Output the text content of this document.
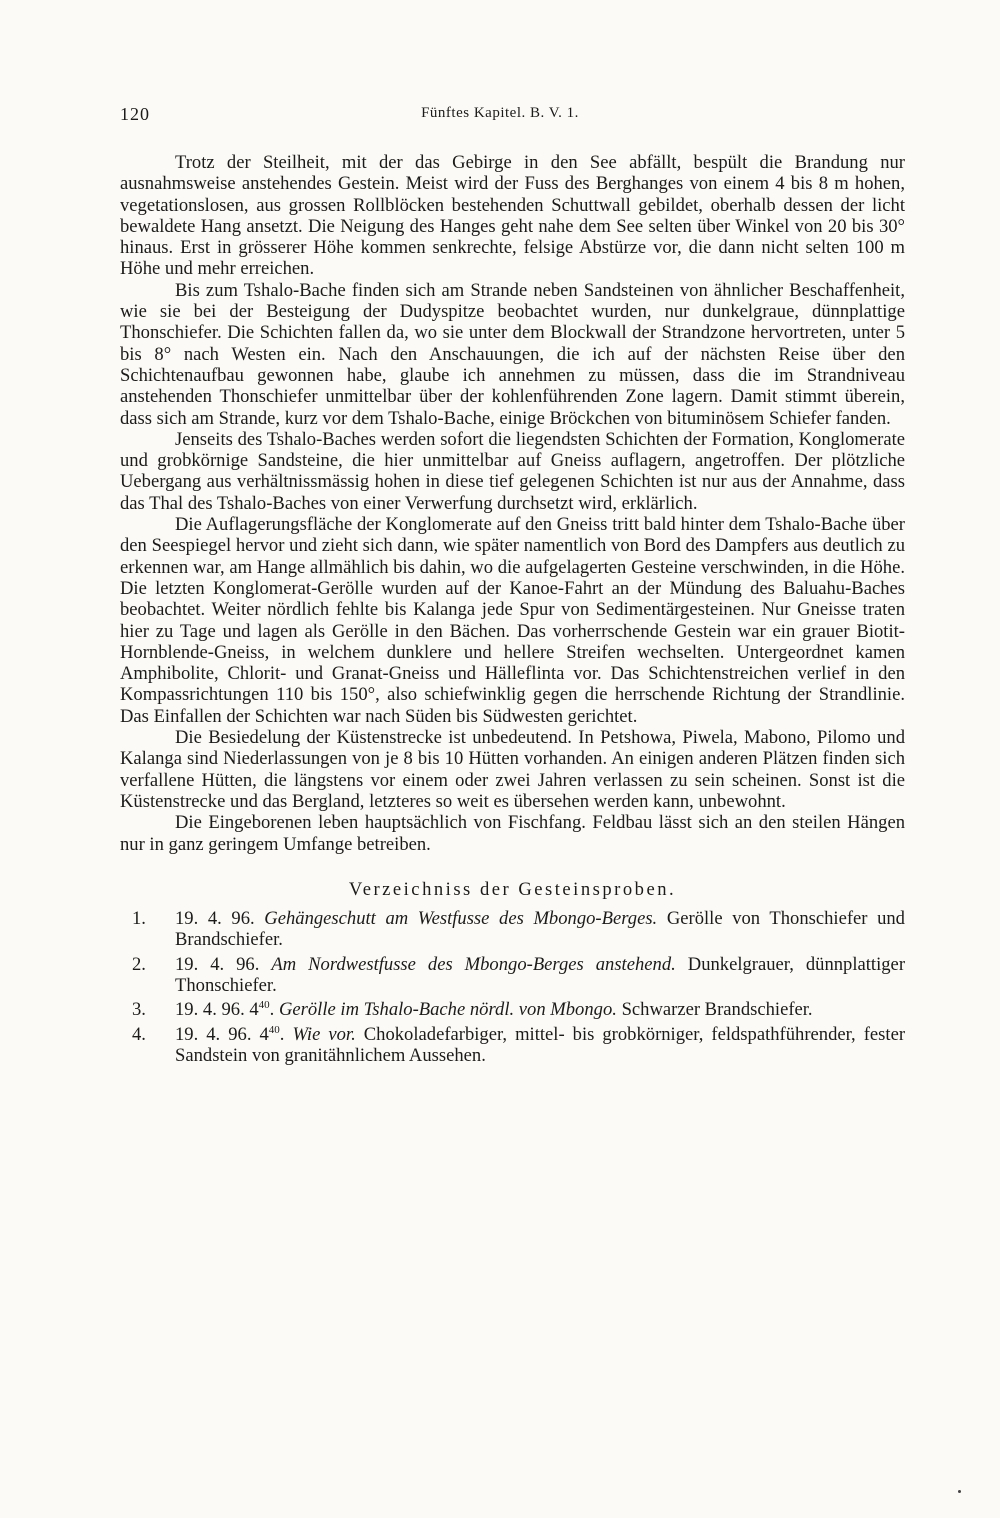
120	Fünftes Kapitel. B. V. 1.

Trotz der Steilheit, mit der das Gebirge in den See abfällt, bespült die Brandung nur ausnahmsweise anstehendes Gestein. Meist wird der Fuss des Berghanges von einem 4 bis 8 m hohen, vegetationslosen, aus grossen Rollblöcken bestehenden Schuttwall gebildet, oberhalb dessen der licht bewaldete Hang ansetzt. Die Neigung des Hanges geht nahe dem See selten über Winkel von 20 bis 30° hinaus. Erst in grösserer Höhe kommen senkrechte, felsige Abstürze vor, die dann nicht selten 100 m Höhe und mehr erreichen.

Bis zum Tshalo-Bache finden sich am Strande neben Sandsteinen von ähnlicher Beschaffenheit, wie sie bei der Besteigung der Dudyspitze beobachtet wurden, nur dunkelgraue, dünnplattige Thonschiefer. Die Schichten fallen da, wo sie unter dem Blockwall der Strandzone hervortreten, unter 5 bis 8° nach Westen ein. Nach den Anschauungen, die ich auf der nächsten Reise über den Schichtenaufbau gewonnen habe, glaube ich annehmen zu müssen, dass die im Strandniveau anstehenden Thonschiefer unmittelbar über der kohlenführenden Zone lagern. Damit stimmt überein, dass sich am Strande, kurz vor dem Tshalo-Bache, einige Bröckchen von bituminösem Schiefer fanden.

Jenseits des Tshalo-Baches werden sofort die liegendsten Schichten der Formation, Konglomerate und grobkörnige Sandsteine, die hier unmittelbar auf Gneiss auflagern, angetroffen. Der plötzliche Uebergang aus verhältnissmässig hohen in diese tief gelegenen Schichten ist nur aus der Annahme, dass das Thal des Tshalo-Baches von einer Verwerfung durchsetzt wird, erklärlich.

Die Auflagerungsfläche der Konglomerate auf den Gneiss tritt bald hinter dem Tshalo-Bache über den Seespiegel hervor und zieht sich dann, wie später namentlich von Bord des Dampfers aus deutlich zu erkennen war, am Hange allmählich bis dahin, wo die aufgelagerten Gesteine verschwinden, in die Höhe. Die letzten Konglomerat-Gerölle wurden auf der Kanoe-Fahrt an der Mündung des Baluahu-Baches beobachtet. Weiter nördlich fehlte bis Kalanga jede Spur von Sedimentärgesteinen. Nur Gneisse traten hier zu Tage und lagen als Gerölle in den Bächen. Das vorherrschende Gestein war ein grauer Biotit-Hornblende-Gneiss, in welchem dunklere und hellere Streifen wechselten. Untergeordnet kamen Amphibolite, Chlorit- und Granat-Gneiss und Hälleflinta vor. Das Schichtenstreichen verlief in den Kompassrichtungen 110 bis 150°, also schiefwinklig gegen die herrschende Richtung der Strandlinie. Das Einfallen der Schichten war nach Süden bis Südwesten gerichtet.

Die Besiedelung der Küstenstrecke ist unbedeutend. In Petshowa, Piwela, Mabono, Pilomo und Kalanga sind Niederlassungen von je 8 bis 10 Hütten vorhanden. An einigen anderen Plätzen finden sich verfallene Hütten, die längstens vor einem oder zwei Jahren verlassen zu sein scheinen. Sonst ist die Küstenstrecke und das Bergland, letzteres so weit es übersehen werden kann, unbewohnt.

Die Eingeborenen leben hauptsächlich von Fischfang. Feldbau lässt sich an den steilen Hängen nur in ganz geringem Umfange betreiben.

Verzeichniss der Gesteinsproben.
1. 19. 4. 96. Gehängeschutt am Westfusse des Mbongo-Berges. Gerölle von Thonschiefer und Brandschiefer.
2. 19. 4. 96. Am Nordwestfusse des Mbongo-Berges anstehend. Dunkelgrauer, dünnplattiger Thonschiefer.
3. 19. 4. 96. $4^{40}$. Gerölle im Tshalo-Bache nördl. von Mbongo. Schwarzer Brandschiefer.
4. 19. 4. 96. $4^{40}$. Wie vor. Chokoladefarbiger, mittel- bis grobkörniger, feldspathführender, fester Sandstein von granitähnlichem Aussehen.
